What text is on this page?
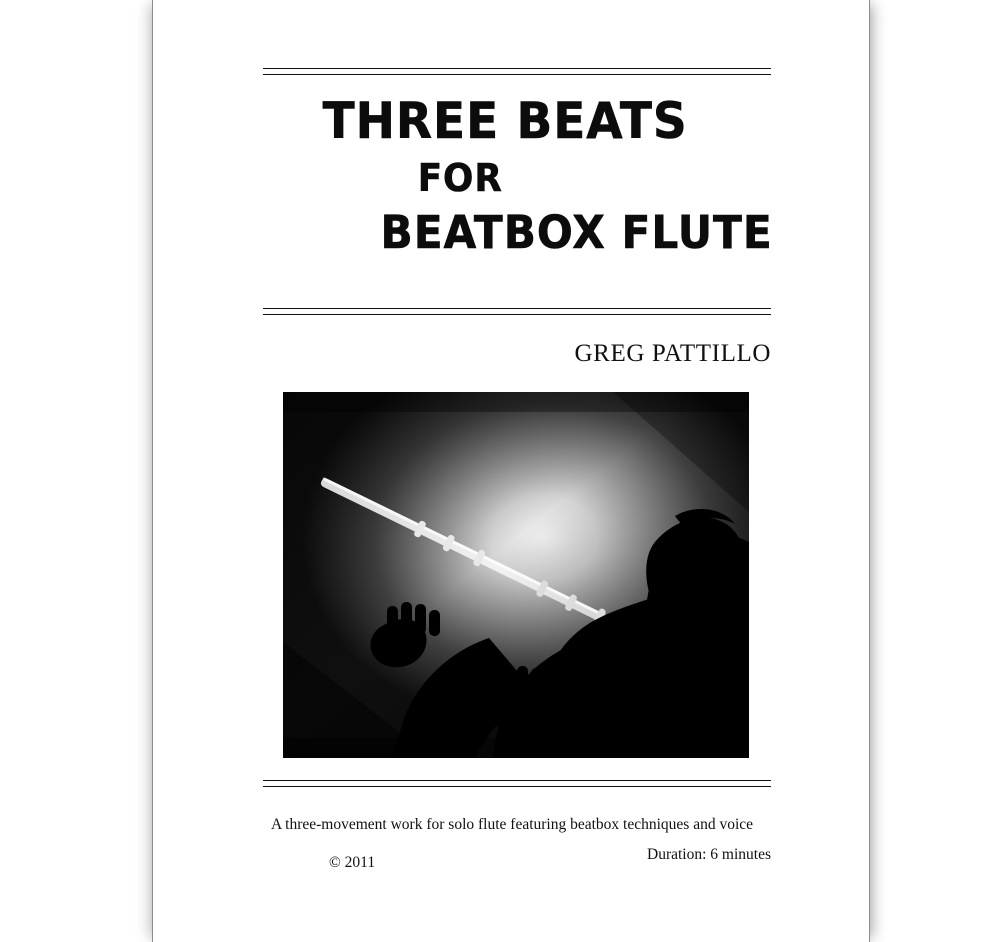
THREE BEATS
FOR
BEATBOX FLUTE
GREG PATTILLO
A three-movement work for solo flute featuring beatbox techniques and voice
© 2011	Duration: 6 minutes
